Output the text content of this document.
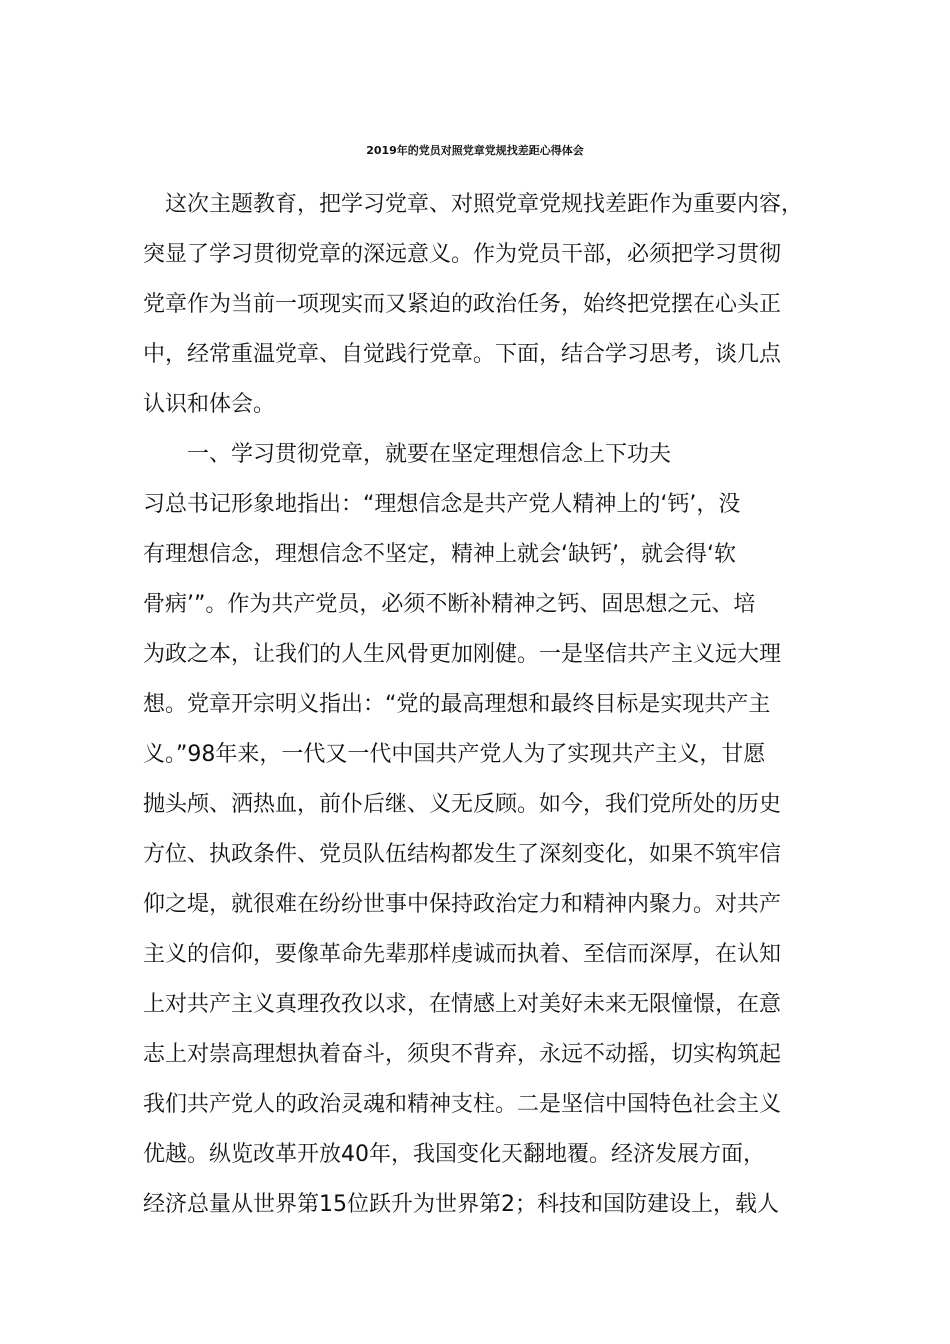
2019年的党员对照党章党规找差距心得体会
　这次主题教育，把学习党章、对照党章党规找差距作为重要内容，
突显了学习贯彻党章的深远意义。作为党员干部，必须把学习贯彻
党章作为当前一项现实而又紧迫的政治任务，始终把党摆在心头正
中，经常重温党章、自觉践行党章。下面，结合学习思考，谈几点
认识和体会。
　　一、学习贯彻党章，就要在坚定理想信念上下功夫
习总书记形象地指出：“理想信念是共产党人精神上的‘钙’，没
有理想信念，理想信念不坚定，精神上就会‘缺钙’，就会得‘软
骨病’”。作为共产党员，必须不断补精神之钙、固思想之元、培
为政之本，让我们的人生风骨更加刚健。一是坚信共产主义远大理
想。党章开宗明义指出：“党的最高理想和最终目标是实现共产主
义。”98年来，一代又一代中国共产党人为了实现共产主义，甘愿
抛头颅、洒热血，前仆后继、义无反顾。如今，我们党所处的历史
方位、执政条件、党员队伍结构都发生了深刻变化，如果不筑牢信
仰之堤，就很难在纷纷世事中保持政治定力和精神内聚力。对共产
主义的信仰，要像革命先辈那样虔诚而执着、至信而深厚，在认知
上对共产主义真理孜孜以求，在情感上对美好未来无限憧憬，在意
志上对崇高理想执着奋斗，须臾不背弃，永远不动摇，切实构筑起
我们共产党人的政治灵魂和精神支柱。二是坚信中国特色社会主义
优越。纵览改革开放40年，我国变化天翻地覆。经济发展方面，
经济总量从世界第15位跃升为世界第2；科技和国防建设上，载人
